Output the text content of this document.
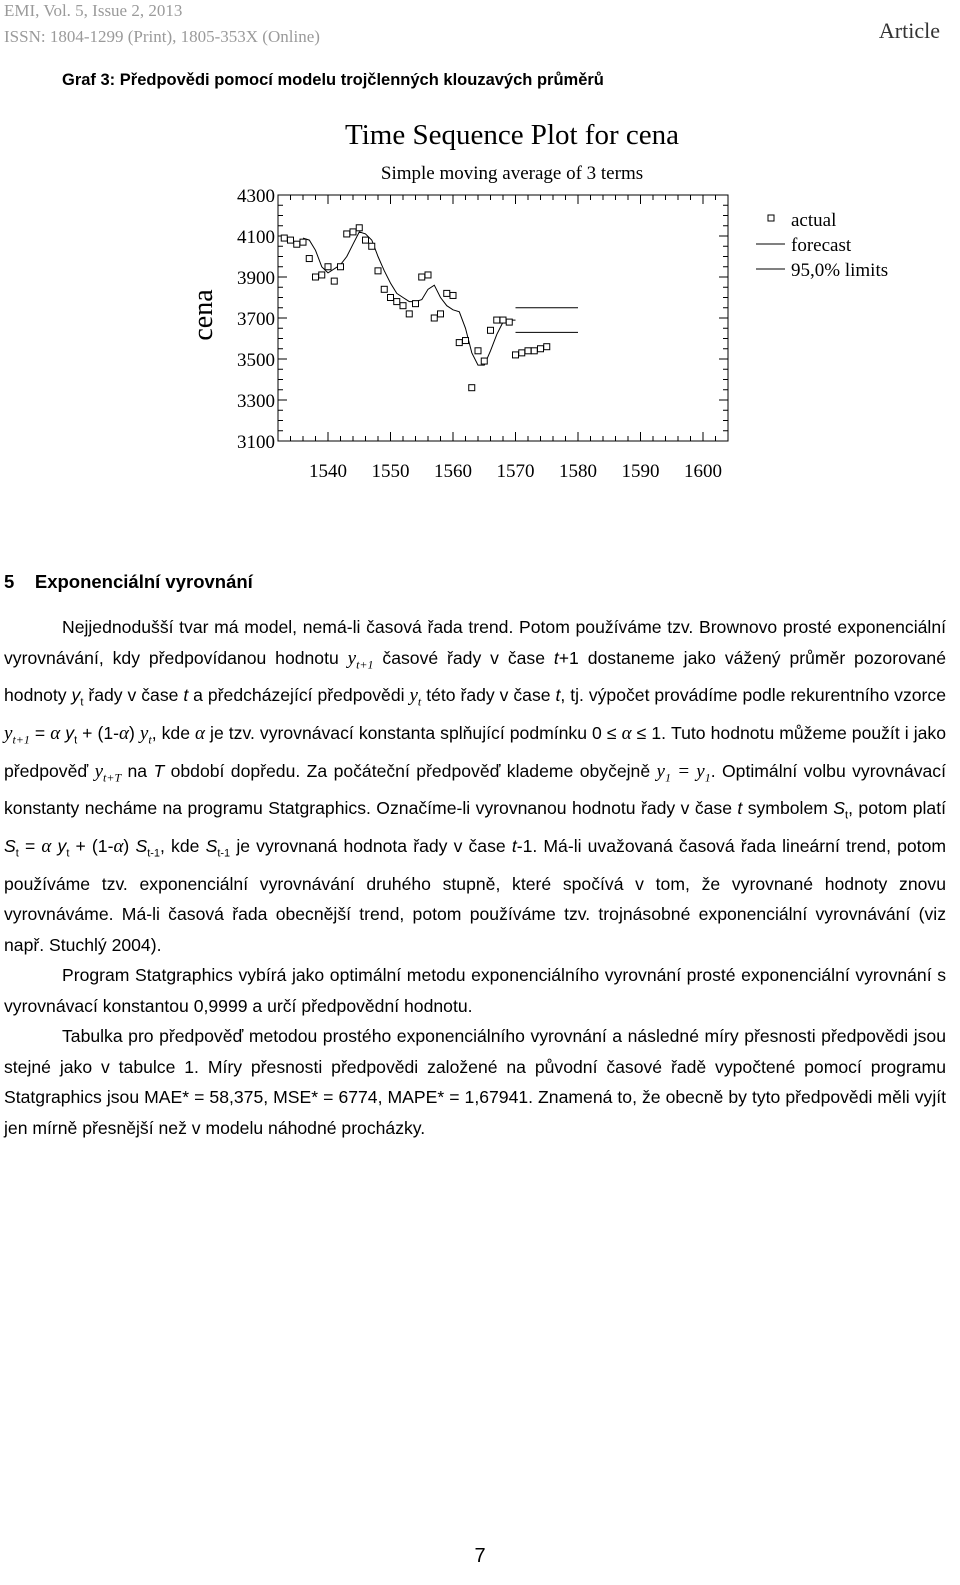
EMI, Vol. 5, Issue 2, 2013
ISSN: 1804-1299 (Print), 1805-353X (Online)	Article
Graf 3: Předpovědi pomocí modelu trojčlenných klouzavých průměrů
Time Sequence Plot for cena
Simple moving average of 3 terms
cena
4300
4100
3900
3700
3500
3300
3100
1540 1550 1560 1570 1580 1590 1600
actual
forecast
95,0% limits
5 Exponenciální vyrovnání

Nejjednodušší tvar má model, nemá-li časová řada trend. Potom používáme tzv. Brownovo prosté exponenciální vyrovnávání, kdy předpovídanou hodnotu $y_{t+1}$ časové řady v čase t+1 dostaneme jako vážený průměr pozorované hodnoty $y_t$ řady v čase t a předcházející předpovědi $y_t$ této řady v čase t, tj. výpočet provádíme podle rekurentního vzorce $y_{t+1} = \alpha$ $y_t + (1-\alpha)$ $y_t$, kde α je tzv. vyrovnávací konstanta splňující podmínku 0 ≤ α ≤ 1. Tuto hodnotu můžeme použít i jako předpověď $y_{t+T}$ na T období dopředu. Za počáteční předpověď klademe obyčejně $y_1 = y_1$. Optimální volbu vyrovnávací konstanty necháme na programu Statgraphics. Označíme-li vyrovnanou hodnotu řady v čase t symbolem $S_t$, potom platí $S_t = \alpha$ $y_t + (1-\alpha)$ $S_{t-1}$, kde $S_{t-1}$ je vyrovnaná hodnota řady v čase t-1. Má-li uvažovaná časová řada lineární trend, potom používáme tzv. exponenciální vyrovnávání druhého stupně, které spočívá v tom, že vyrovnané hodnoty znovu vyrovnáváme. Má-li časová řada obecnější trend, potom používáme tzv. trojnásobné exponenciální vyrovnávání (viz např. Stuchlý 2004).

Program Statgraphics vybírá jako optimální metodu exponenciálního vyrovnání prosté exponenciální vyrovnání s vyrovnávací konstantou 0,9999 a určí předpovědní hodnotu.

Tabulka pro předpověď metodou prostého exponenciálního vyrovnání a následné míry přesnosti předpovědi jsou stejné jako v tabulce 1. Míry přesnosti předpovědi založené na původní časové řadě vypočtené pomocí programu Statgraphics jsou MAE* = 58,375, MSE* = 6774, MAPE* = 1,67941. Znamená to, že obecně by tyto předpovědi měli vyjít jen mírně přesnější než v modelu náhodné procházky.

7
